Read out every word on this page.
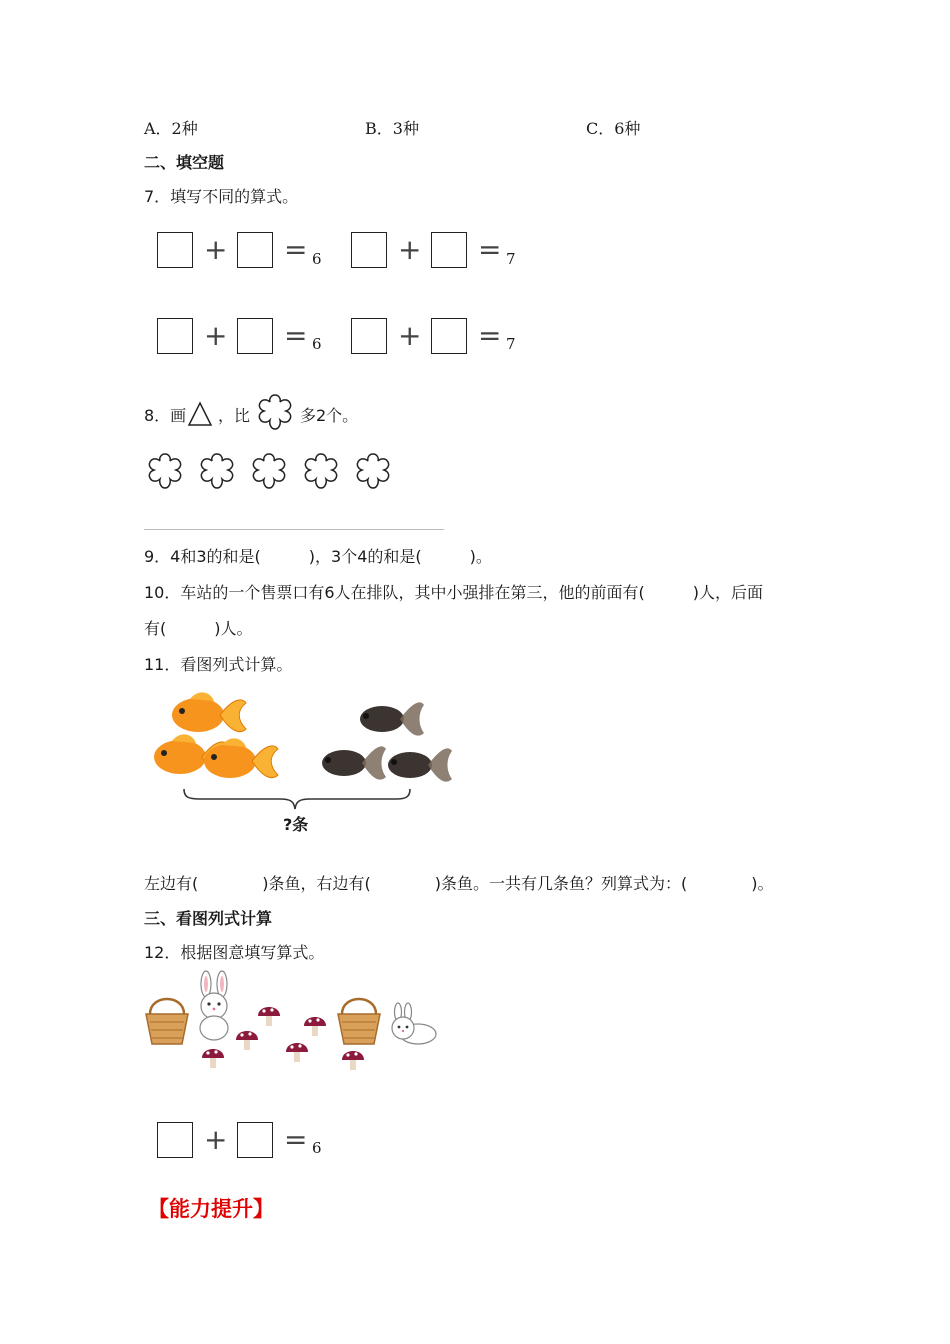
A．2种	B．3种	C．6种
二、填空题
7．填写不同的算式。
+ = 6	+ = 7
+ = 6	+ = 7
8．画 ，比	多2个。
9．4和3的和是(　　　)，3个4的和是(　　　)。
10．车站的一个售票口有6人在排队，其中小强排在第三，他的前面有(　　　)人，后面
有(　　　)人。
11．看图列式计算。
?条
左边有(　　　　)条鱼，右边有(　　　　)条鱼。一共有几条鱼？列算式为：(　　　　)。
三、看图列式计算
12．根据图意填写算式。
+ = 6
【能力提升】
